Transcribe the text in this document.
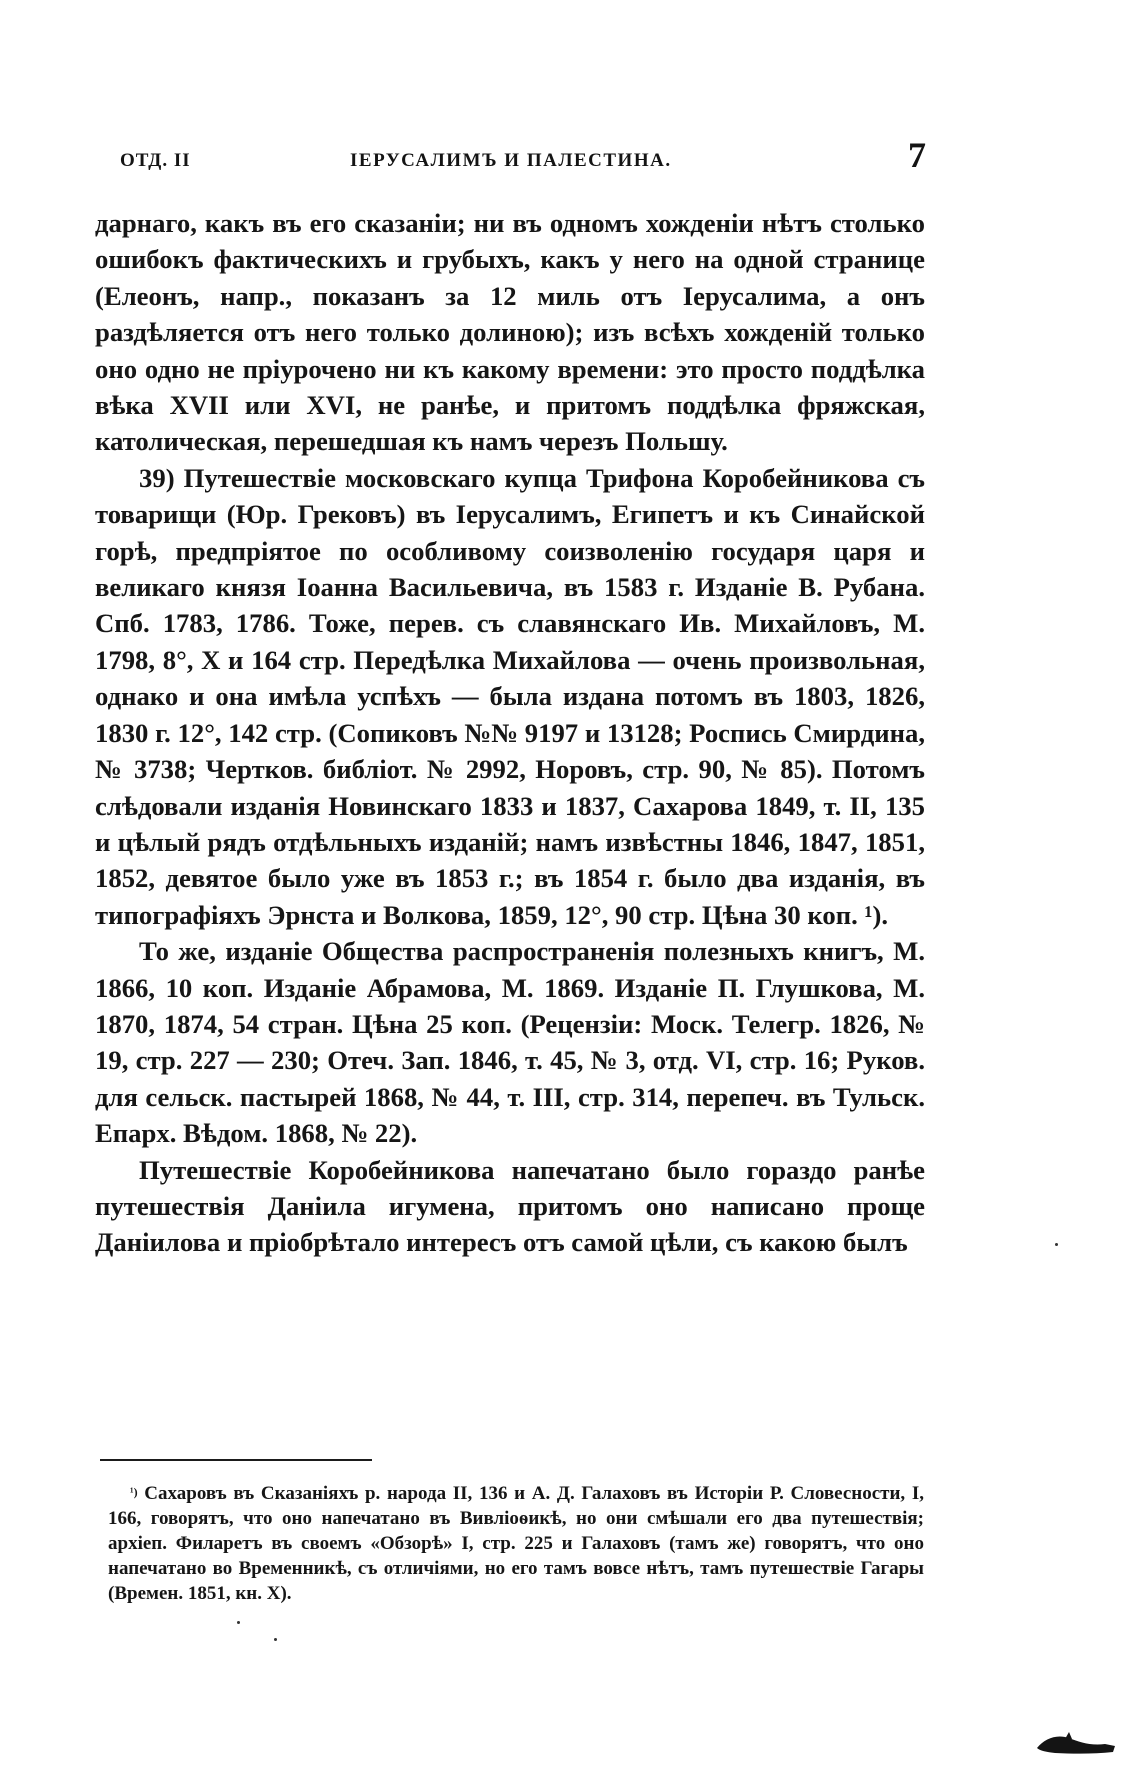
ОТД. II	ІЕРУСАЛИМЪ И ПАЛЕСТИНА.	7

дарнаго, какъ въ его сказаніи; ни въ одномъ хожденіи нѣтъ столько ошибокъ фактическихъ и грубыхъ, какъ у него на одной странице (Елеонъ, напр., показанъ за 12 миль отъ Іерусалима, а онъ раздѣляется отъ него только долиною); изъ всѣхъ хожденій только оно одно не пріурочено ни къ какому времени: это просто поддѣлка вѣка XVII или XVI, не ранѣе, и притомъ поддѣлка фряжская, католическая, перешедшая къ намъ черезъ Польшу.

39) Путешествіе московскаго купца Трифона Коробейникова съ товарищи (Юр. Грековъ) въ Іерусалимъ, Египетъ и къ Синайской горѣ, предпріятое по особливому соизволенію государя царя и великаго князя Іоанна Васильевича, въ 1583 г. Изданіе В. Рубана. Спб. 1783, 1786. Тоже, перев. съ славянскаго Ив. Михайловъ, М. 1798, 8°, X и 164 стр. Передѣлка Михайлова — очень произвольная, однако и она имѣла успѣхъ — была издана потомъ въ 1803, 1826, 1830 г. 12°, 142 стр. (Сопиковъ №№ 9197 и 13128; Роспись Смирдина, № 3738; Чертков. библіот. № 2992, Норовъ, стр. 90, № 85). Потомъ слѣдовали изданія Новинскаго 1833 и 1837, Сахарова 1849, т. II, 135 и цѣлый рядъ отдѣльныхъ изданій; намъ извѣстны 1846, 1847, 1851, 1852, девятое было уже въ 1853 г.; въ 1854 г. было два изданія, въ типографіяхъ Эрнста и Волкова, 1859, 12°, 90 стр. Цѣна 30 коп. ¹).

То же, изданіе Общества распространенія полезныхъ книгъ, М. 1866, 10 коп. Изданіе Абрамова, М. 1869. Изданіе П. Глушкова, М. 1870, 1874, 54 стран. Цѣна 25 коп. (Рецензіи: Моск. Телегр. 1826, № 19, стр. 227 — 230; Отеч. Зап. 1846, т. 45, № 3, отд. VI, стр. 16; Руков. для сельск. пастырей 1868, № 44, т. III, стр. 314, перепеч. въ Тульск. Епарх. Вѣдом. 1868, № 22).

Путешествіе Коробейникова напечатано было гораздо ранѣе путешествія Даніила игумена, притомъ оно написано проще Даніилова и пріобрѣтало интересъ отъ самой цѣли, съ какою былъ

$^{^1)}$ Сахаровъ въ Сказаніяхъ р. народа II, 136 и А. Д. Галаховъ въ Исторіи Р. Словесности, I, 166, говорятъ, что оно напечатано въ Вивліоѳикѣ, но они смѣшали его два путешествія; архіеп. Филаретъ въ своемъ «Обзорѣ» I, стр. 225 и Галаховъ (тамъ же) говорятъ, что оно напечатано во Временникѣ, съ отличіями, но его тамъ вовсе нѣтъ, тамъ путешествіе Гагары (Времен. 1851, кн. X).
